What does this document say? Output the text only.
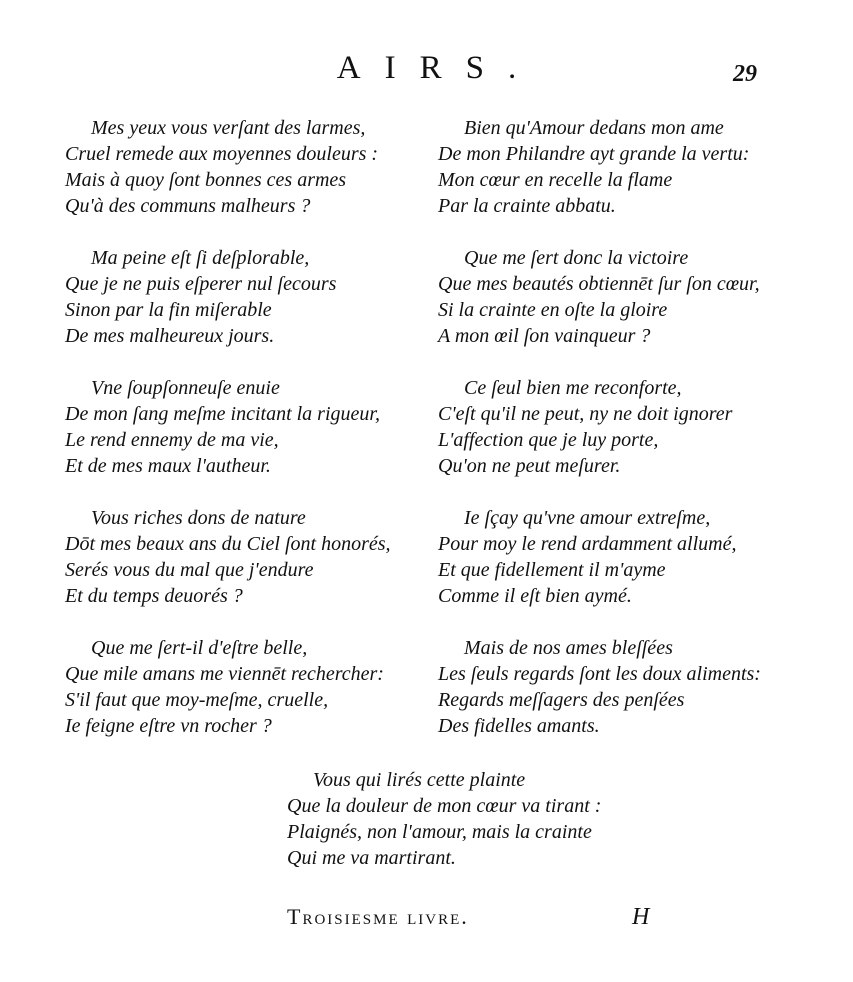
AIRS.	29
Mes yeux vous verſant des larmes,
Cruel remede aux moyennes douleurs :
Mais à quoy ſont bonnes ces armes
Qu'à des communs malheurs ?
Ma peine eſt ſi deſplorable,
Que je ne puis eſperer nul ſecours
Sinon par la fin miſerable
De mes malheureux jours.
Vne ſoupſonneuſe enuie
De mon ſang meſme incitant la rigueur,
Le rend ennemy de ma vie,
Et de mes maux l'autheur.
Vous riches dons de nature
Dōt mes beaux ans du Ciel ſont honorés,
Serés vous du mal que j'endure
Et du temps deuorés ?
Que me ſert-il d'eſtre belle,
Que mile amans me viennēt rechercher:
S'il faut que moy-meſme, cruelle,
Ie feigne eſtre vn rocher ?
Bien qu'Amour dedans mon ame
De mon Philandre ayt grande la vertu:
Mon cœur en recelle la flame
Par la crainte abbatu.
Que me ſert donc la victoire
Que mes beautés obtiennēt ſur ſon cœur,
Si la crainte en oſte la gloire
A mon œil ſon vainqueur ?
Ce ſeul bien me reconforte,
C'eſt qu'il ne peut, ny ne doit ignorer
L'affection que je luy porte,
Qu'on ne peut meſurer.
Ie ſçay qu'vne amour extreſme,
Pour moy le rend ardamment allumé,
Et que fidellement il m'ayme
Comme il eſt bien aymé.
Mais de nos ames bleſſées
Les ſeuls regards ſont les doux aliments:
Regards meſſagers des penſées
Des fidelles amants.
Vous qui lirés cette plainte
Que la douleur de mon cœur va tirant :
Plaignés, non l'amour, mais la crainte
Qui me va martirant.
Troisiesme livre.	H
